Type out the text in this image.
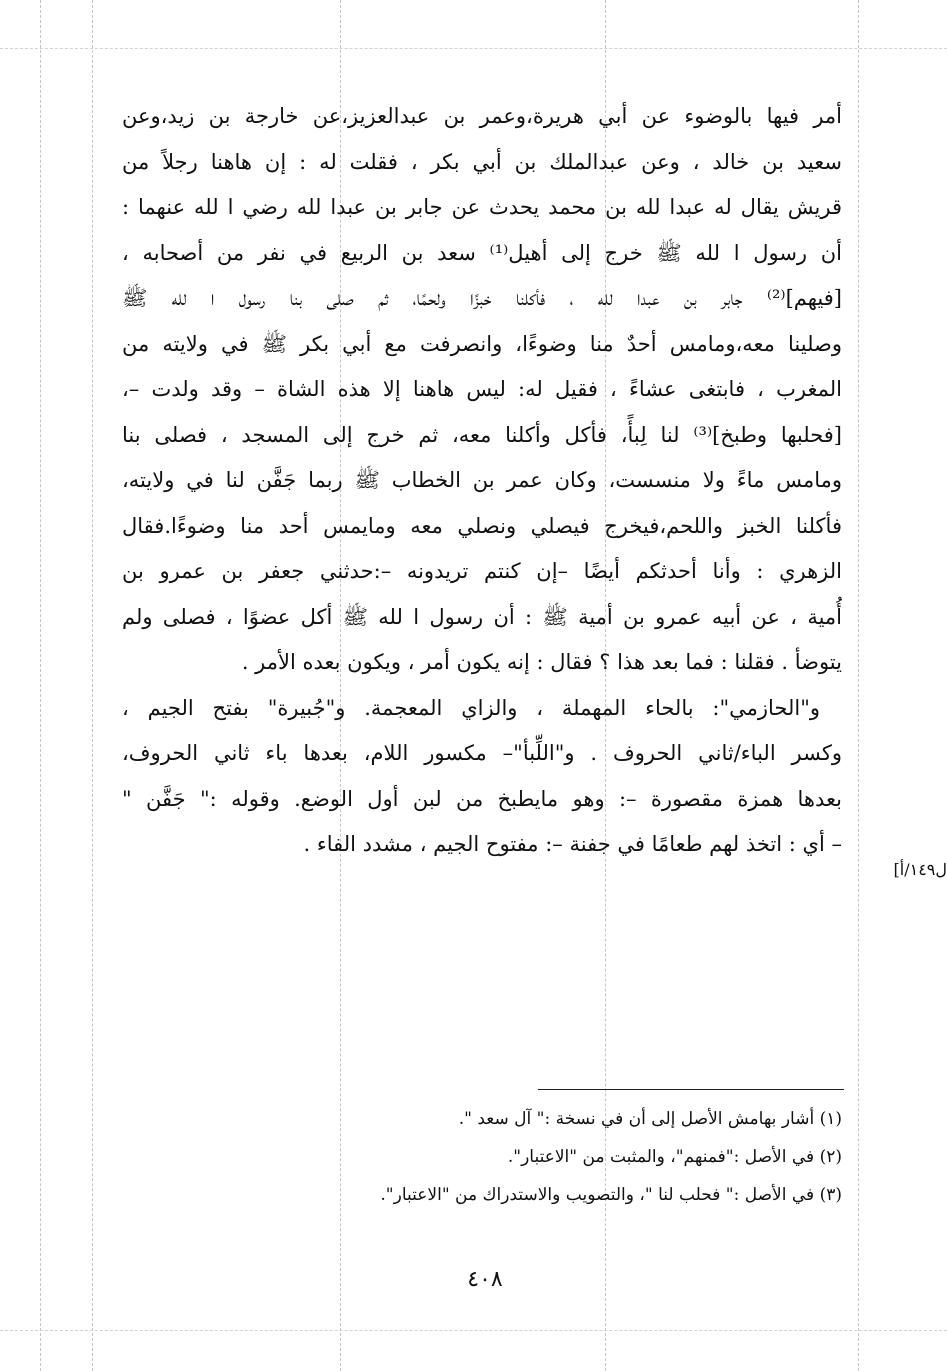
أمر فيها بالوضوء عن أبي هريرة،وعمر بن عبدالعزيز،عن خارجة بن زيد،وعن
سعيد بن خالد ، وعن عبدالملك بن أبي بكر ، فقلت له : إن هاهنا رجلاً من
قريش يقال له عبدا لله بن محمد يحدث عن جابر بن عبدا لله رضي ا لله عنهما :
أن رسول ا لله ﷺ خرج إلى أهيل⁽¹⁾ سعد بن الربيع في نفر من أصحابه ،
[فيهم]⁽²⁾ جابر بن عبدا لله ، فأكلنا خبزًا ولحمًا، ثم صلى بنا رسول ا لله ﷺ
وصلينا معه،ومامس أحدٌ منا وضوءًا، وانصرفت مع أبي بكر ﷺ في ولايته من
المغرب ، فابتغى عشاءً ، فقيل له: ليس هاهنا إلا هذه الشاة – وقد ولدت –،
[فحلبها وطبخ]⁽³⁾ لنا لِبأً، فأكل وأكلنا معه، ثم خرج إلى المسجد ، فصلى بنا
ومامس ماءً ولا منسست، وكان عمر بن الخطاب ﷺ ربما جَفَّن لنا في ولايته،
فأكلنا الخبز واللحم،فيخرج فيصلي ونصلي معه ومايمس أحد منا وضوءًا.فقال
الزهري : وأنا أحدثكم أيضًا –إن كنتم تريدونه –:حدثني جعفر بن عمرو بن
أُمية ، عن أبيه عمرو بن أمية ﷺ : أن رسول ا لله ﷺ أكل عضوًا ، فصلى ولم
يتوضأ . فقلنا : فما بعد هذا ؟ فقال : إنه يكون أمر ، ويكون بعده الأمر .
و"الحازمي": بالحاء المهملة ، والزاي المعجمة. و"جُبيرة" بفتح الجيم ،
وكسر الباء/ثاني الحروف . و"اللِّبأ"– مكسور اللام، بعدها باء ثاني الحروف،
بعدها همزة مقصورة –: وهو مايطبخ من لبن أول الوضع. وقوله :" جَفَّن "
– أي : اتخذ لهم طعامًا في جفنة –: مفتوح الجيم ، مشدد الفاء .
ل١٤٩/أ]
(١) أشار بهامش الأصل إلى أن في نسخة :" آل سعد ".
(٢) في الأصل :"فمنهم"، والمثبت من "الاعتبار".
(٣) في الأصل :" فحلب لنا "، والتصويب والاستدراك من "الاعتبار".
٤٠٨
